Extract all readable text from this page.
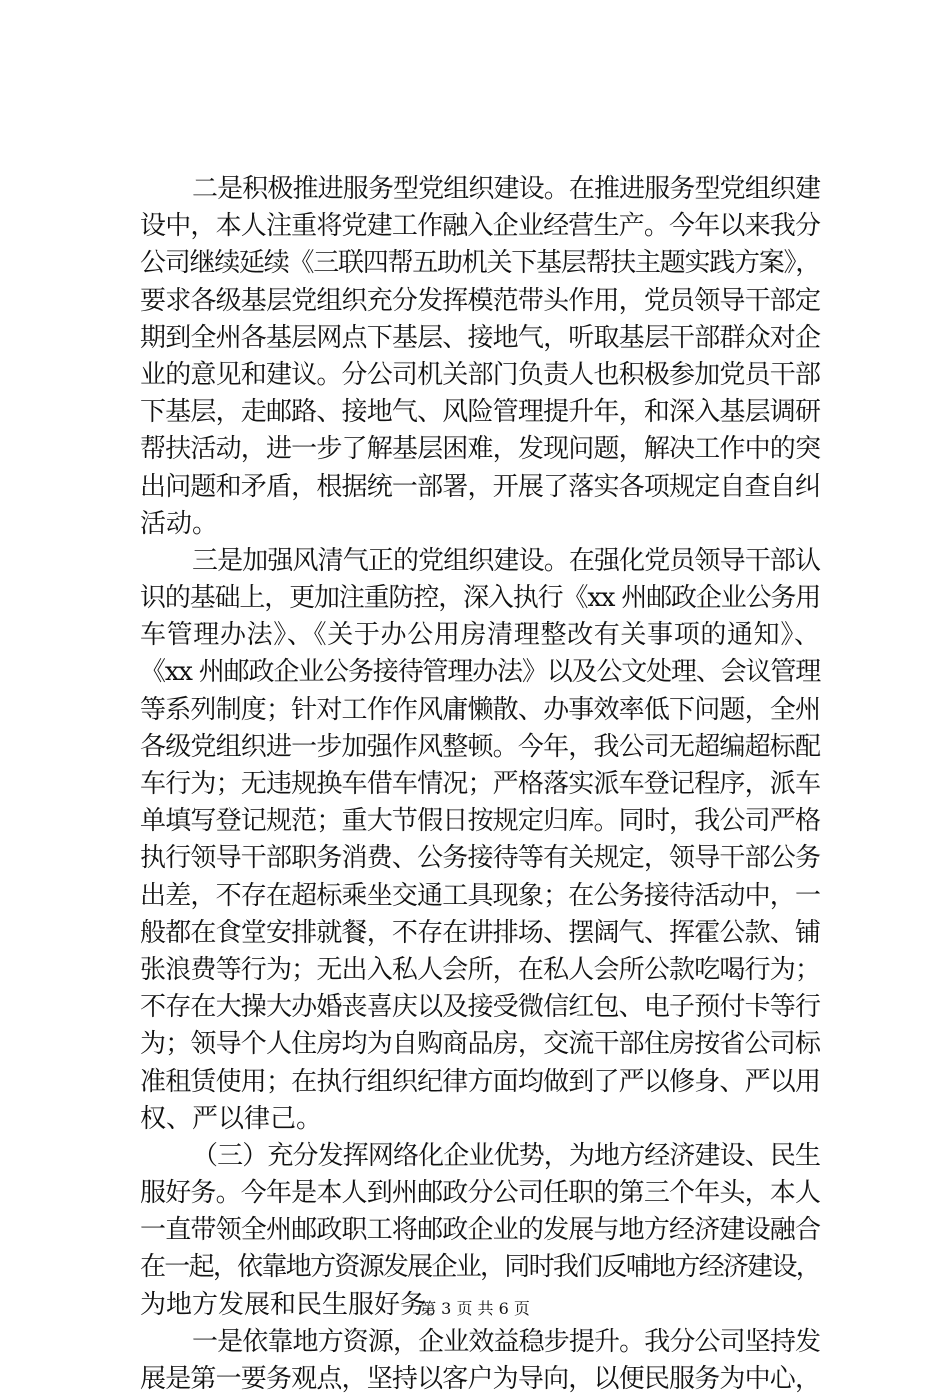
二是积极推进服务型党组织建设。在推进服务型党组织建
设中，本人注重将党建工作融入企业经营生产。今年以来我分
公司继续延续《三联四帮五助机关下基层帮扶主题实践方案》，
要求各级基层党组织充分发挥模范带头作用，党员领导干部定
期到全州各基层网点下基层、接地气，听取基层干部群众对企
业的意见和建议。分公司机关部门负责人也积极参加党员干部
下基层，走邮路、接地气、风险管理提升年，和深入基层调研
帮扶活动，进一步了解基层困难，发现问题，解决工作中的突
出问题和矛盾，根据统一部署，开展了落实各项规定自查自纠
活动。
三是加强风清气正的党组织建设。在强化党员领导干部认
识的基础上，更加注重防控，深入执行《xx 州邮政企业公务用
车管理办法》、《关于办公用房清理整改有关事项的通知》、
《xx 州邮政企业公务接待管理办法》以及公文处理、会议管理
等系列制度；针对工作作风庸懒散、办事效率低下问题，全州
各级党组织进一步加强作风整顿。今年，我公司无超编超标配
车行为；无违规换车借车情况；严格落实派车登记程序，派车
单填写登记规范；重大节假日按规定归库。同时，我公司严格
执行领导干部职务消费、公务接待等有关规定，领导干部公务
出差，不存在超标乘坐交通工具现象；在公务接待活动中，一
般都在食堂安排就餐，不存在讲排场、摆阔气、挥霍公款、铺
张浪费等行为；无出入私人会所，在私人会所公款吃喝行为；
不存在大操大办婚丧喜庆以及接受微信红包、电子预付卡等行
为；领导个人住房均为自购商品房，交流干部住房按省公司标
准租赁使用；在执行组织纪律方面均做到了严以修身、严以用
权、严以律己。
（三）充分发挥网络化企业优势，为地方经济建设、民生
服好务。今年是本人到州邮政分公司任职的第三个年头，本人
一直带领全州邮政职工将邮政企业的发展与地方经济建设融合
在一起，依靠地方资源发展企业，同时我们反哺地方经济建设，
为地方发展和民生服好务。
一是依靠地方资源，企业效益稳步提升。我分公司坚持发
展是第一要务观点，坚持以客户为导向，以便民服务为中心，
第 3 页 共 6 页
